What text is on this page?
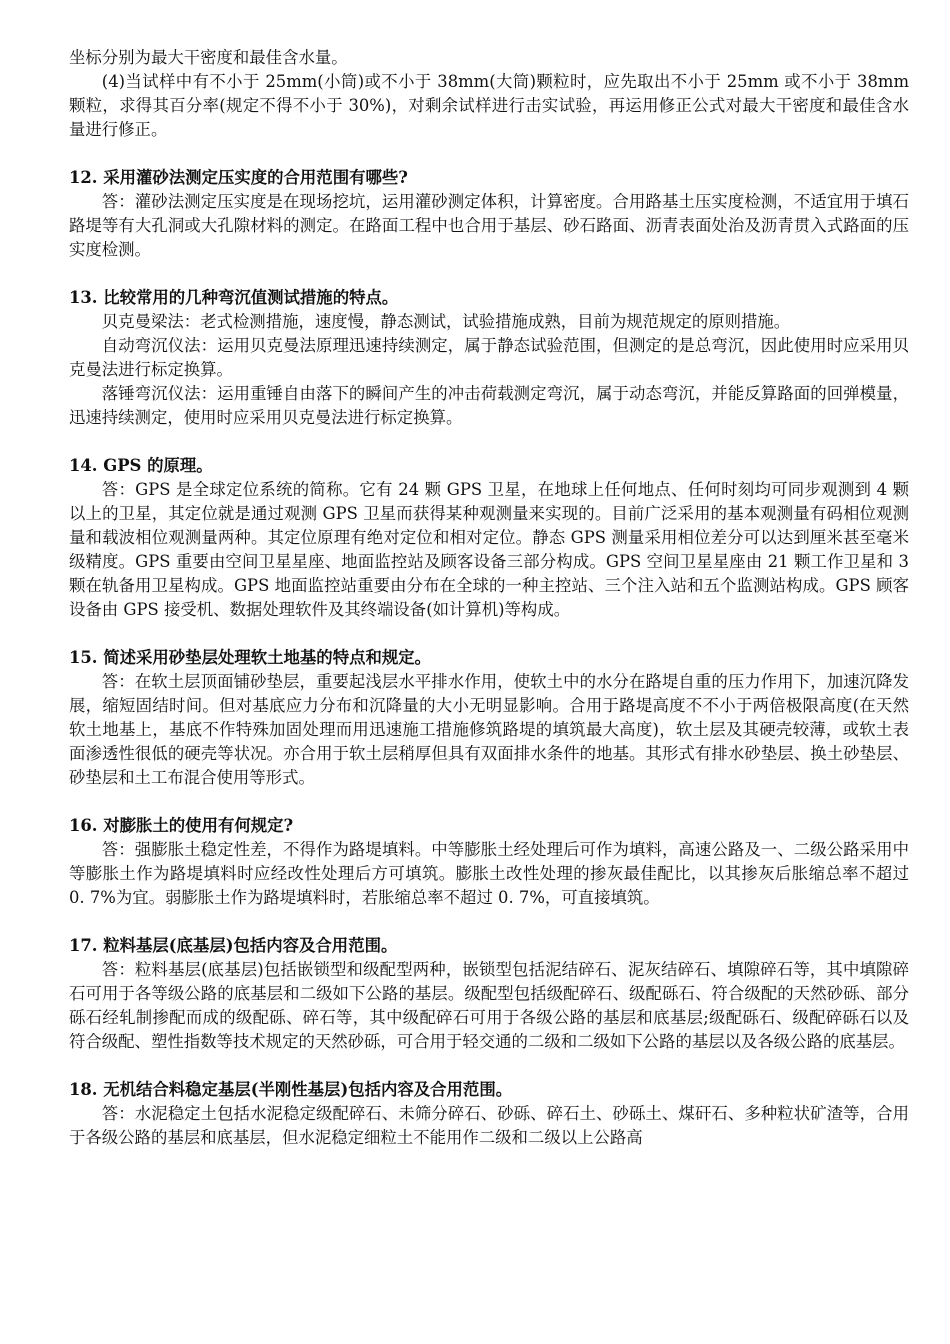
坐标分别为最大干密度和最佳含水量。

(4)当试样中有不小于 25mm(小筒)或不小于 38mm(大筒)颗粒时，应先取出不小于 25mm 或不小于 38mm 颗粒，求得其百分率(规定不得不小于 30%)，对剩余试样进行击实试验，再运用修正公式对最大干密度和最佳含水量进行修正。

12. 采用灌砂法测定压实度的合用范围有哪些?

答：灌砂法测定压实度是在现场挖坑，运用灌砂测定体积，计算密度。合用路基土压实度检测，不适宜用于填石路堤等有大孔洞或大孔隙材料的测定。在路面工程中也合用于基层、砂石路面、沥青表面处治及沥青贯入式路面的压实度检测。

13. 比较常用的几种弯沉值测试措施的特点。

贝克曼梁法：老式检测措施，速度慢，静态测试，试验措施成熟，目前为规范规定的原则措施。

自动弯沉仪法：运用贝克曼法原理迅速持续测定，属于静态试验范围，但测定的是总弯沉，因此使用时应采用贝克曼法进行标定换算。

落锤弯沉仪法：运用重锤自由落下的瞬间产生的冲击荷载测定弯沉，属于动态弯沉，并能反算路面的回弹模量，迅速持续测定，使用时应采用贝克曼法进行标定换算。

14. GPS 的原理。

答：GPS 是全球定位系统的简称。它有 24 颗 GPS 卫星，在地球上任何地点、任何时刻均可同步观测到 4 颗以上的卫星，其定位就是通过观测 GPS 卫星而获得某种观测量来实现的。目前广泛采用的基本观测量有码相位观测量和载波相位观测量两种。其定位原理有绝对定位和相对定位。静态 GPS 测量采用相位差分可以达到厘米甚至毫米级精度。GPS 重要由空间卫星星座、地面监控站及顾客设备三部分构成。GPS 空间卫星星座由 21 颗工作卫星和 3 颗在轨备用卫星构成。GPS 地面监控站重要由分布在全球的一种主控站、三个注入站和五个监测站构成。GPS 顾客设备由 GPS 接受机、数据处理软件及其终端设备(如计算机)等构成。

15. 简述采用砂垫层处理软土地基的特点和规定。

答：在软土层顶面铺砂垫层，重要起浅层水平排水作用，使软土中的水分在路堤自重的压力作用下，加速沉降发展，缩短固结时间。但对基底应力分布和沉降量的大小无明显影响。合用于路堤高度不不小于两倍极限高度(在天然软土地基上，基底不作特殊加固处理而用迅速施工措施修筑路堤的填筑最大高度)，软土层及其硬壳较薄，或软土表面渗透性很低的硬壳等状况。亦合用于软土层稍厚但具有双面排水条件的地基。其形式有排水砂垫层、换土砂垫层、砂垫层和土工布混合使用等形式。

16. 对膨胀土的使用有何规定?

答：强膨胀土稳定性差，不得作为路堤填料。中等膨胀土经处理后可作为填料，高速公路及一、二级公路采用中等膨胀土作为路堤填料时应经改性处理后方可填筑。膨胀土改性处理的掺灰最佳配比，以其掺灰后胀缩总率不超过 0. 7%为宜。弱膨胀土作为路堤填料时，若胀缩总率不超过 0. 7%，可直接填筑。

17. 粒料基层(底基层)包括内容及合用范围。

答：粒料基层(底基层)包括嵌锁型和级配型两种，嵌锁型包括泥结碎石、泥灰结碎石、填隙碎石等，其中填隙碎石可用于各等级公路的底基层和二级如下公路的基层。级配型包括级配碎石、级配砾石、符合级配的天然砂砾、部分砾石经轧制掺配而成的级配砾、碎石等，其中级配碎石可用于各级公路的基层和底基层;级配砾石、级配碎砾石以及符合级配、塑性指数等技术规定的天然砂砾，可合用于轻交通的二级和二级如下公路的基层以及各级公路的底基层。

18. 无机结合料稳定基层(半刚性基层)包括内容及合用范围。

答：水泥稳定土包括水泥稳定级配碎石、未筛分碎石、砂砾、碎石土、砂砾土、煤矸石、多种粒状矿渣等，合用于各级公路的基层和底基层，但水泥稳定细粒土不能用作二级和二级以上公路高
